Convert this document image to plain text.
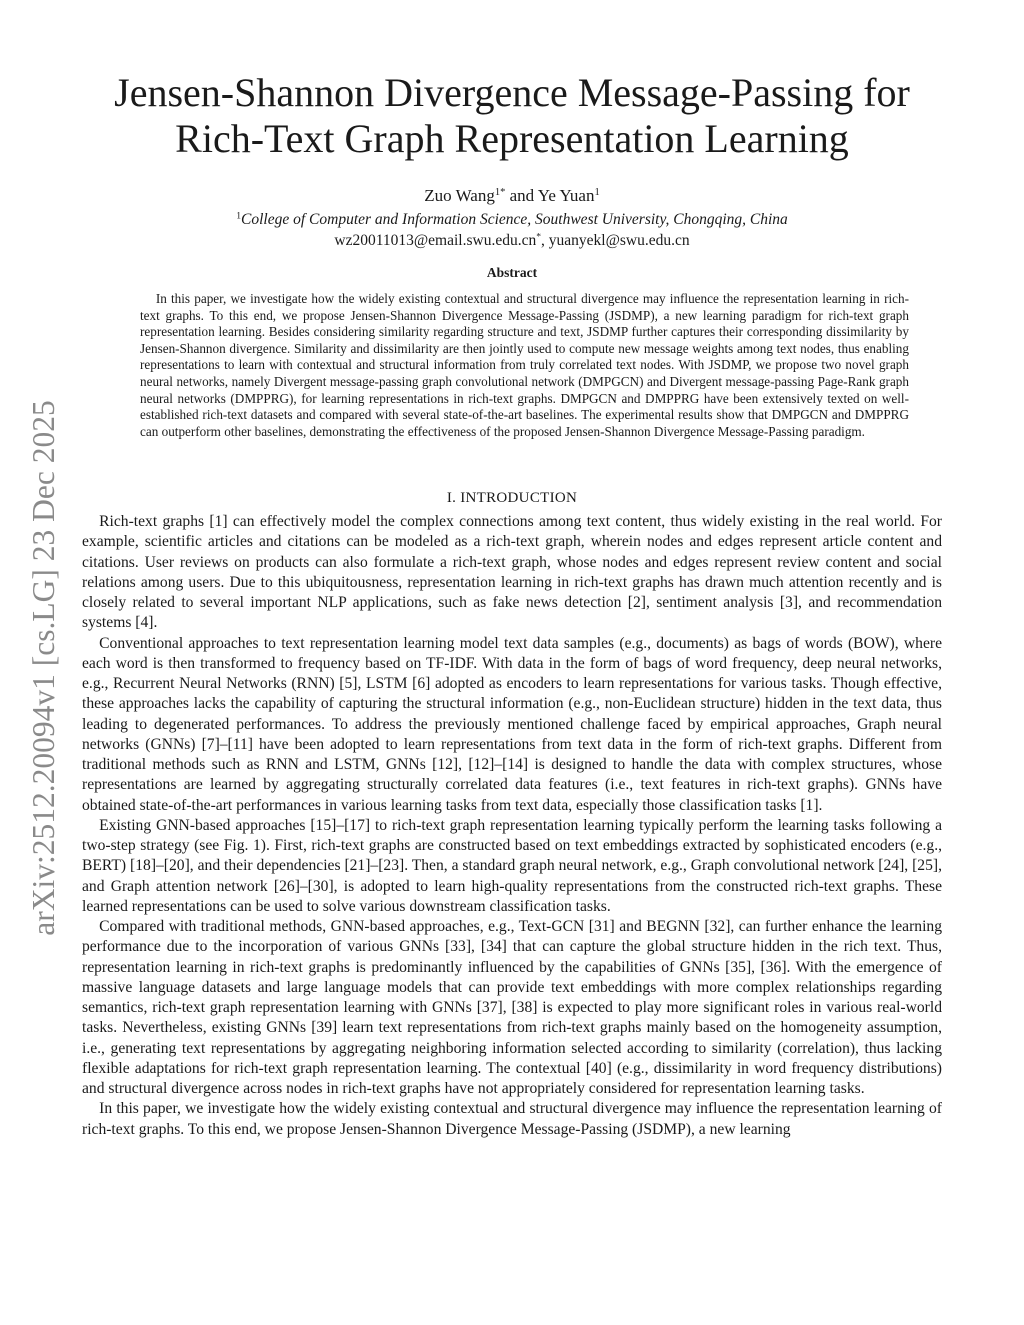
arXiv:2512.20094v1 [cs.LG] 23 Dec 2025
Jensen-Shannon Divergence Message-Passing for
Rich-Text Graph Representation Learning
Zuo Wang$^{1*}$ and Ye Yuan$^1$
$^1$College of Computer and Information Science, Southwest University, Chongqing, China
wz20011013@email.swu.edu.cn*, yuanyekl@swu.edu.cn
Abstract

In this paper, we investigate how the widely existing contextual and structural divergence may influence the representation learning in rich-text graphs. To this end, we propose Jensen-Shannon Divergence Message-Passing (JSDMP), a new learning paradigm for rich-text graph representation learning. Besides considering similarity regarding structure and text, JSDMP further captures their corresponding dissimilarity by Jensen-Shannon divergence. Similarity and dissimilarity are then jointly used to compute new message weights among text nodes, thus enabling representations to learn with contextual and structural information from truly correlated text nodes. With JSDMP, we propose two novel graph neural networks, namely Divergent message-passing graph convolutional network (DMPGCN) and Divergent message-passing Page-Rank graph neural networks (DMPPRG), for learning representations in rich-text graphs. DMPGCN and DMPPRG have been extensively texted on well-established rich-text datasets and compared with several state-of-the-art baselines. The experimental results show that DMPGCN and DMPPRG can outperform other baselines, demonstrating the effectiveness of the proposed Jensen-Shannon Divergence Message-Passing paradigm.

I. INTRODUCTION

Rich-text graphs [1] can effectively model the complex connections among text content, thus widely existing in the real world. For example, scientific articles and citations can be modeled as a rich-text graph, wherein nodes and edges represent article content and citations. User reviews on products can also formulate a rich-text graph, whose nodes and edges represent review content and social relations among users. Due to this ubiquitousness, representation learning in rich-text graphs has drawn much attention recently and is closely related to several important NLP applications, such as fake news detection [2], sentiment analysis [3], and recommendation systems [4].

Conventional approaches to text representation learning model text data samples (e.g., documents) as bags of words (BOW), where each word is then transformed to frequency based on TF-IDF. With data in the form of bags of word frequency, deep neural networks, e.g., Recurrent Neural Networks (RNN) [5], LSTM [6] adopted as encoders to learn representations for various tasks. Though effective, these approaches lacks the capability of capturing the structural information (e.g., non-Euclidean structure) hidden in the text data, thus leading to degenerated performances. To address the previously mentioned challenge faced by empirical approaches, Graph neural networks (GNNs) [7]–[11] have been adopted to learn representations from text data in the form of rich-text graphs. Different from traditional methods such as RNN and LSTM, GNNs [12], [12]–[14] is designed to handle the data with complex structures, whose representations are learned by aggregating structurally correlated data features (i.e., text features in rich-text graphs). GNNs have obtained state-of-the-art performances in various learning tasks from text data, especially those classification tasks [1].

Existing GNN-based approaches [15]–[17] to rich-text graph representation learning typically perform the learning tasks following a two-step strategy (see Fig. 1). First, rich-text graphs are constructed based on text embeddings extracted by sophisticated encoders (e.g., BERT) [18]–[20], and their dependencies [21]–[23]. Then, a standard graph neural network, e.g., Graph convolutional network [24], [25], and Graph attention network [26]–[30], is adopted to learn high-quality representations from the constructed rich-text graphs. These learned representations can be used to solve various downstream classification tasks.

Compared with traditional methods, GNN-based approaches, e.g., Text-GCN [31] and BEGNN [32], can further enhance the learning performance due to the incorporation of various GNNs [33], [34] that can capture the global structure hidden in the rich text. Thus, representation learning in rich-text graphs is predominantly influenced by the capabilities of GNNs [35], [36]. With the emergence of massive language datasets and large language models that can provide text embeddings with more complex relationships regarding semantics, rich-text graph representation learning with GNNs [37], [38] is expected to play more significant roles in various real-world tasks. Nevertheless, existing GNNs [39] learn text representations from rich-text graphs mainly based on the homogeneity assumption, i.e., generating text representations by aggregating neighboring information selected according to similarity (correlation), thus lacking flexible adaptations for rich-text graph representation learning. The contextual [40] (e.g., dissimilarity in word frequency distributions) and structural divergence across nodes in rich-text graphs have not appropriately considered for representation learning tasks.

In this paper, we investigate how the widely existing contextual and structural divergence may influence the representation learning of rich-text graphs. To this end, we propose Jensen-Shannon Divergence Message-Passing (JSDMP), a new learning
